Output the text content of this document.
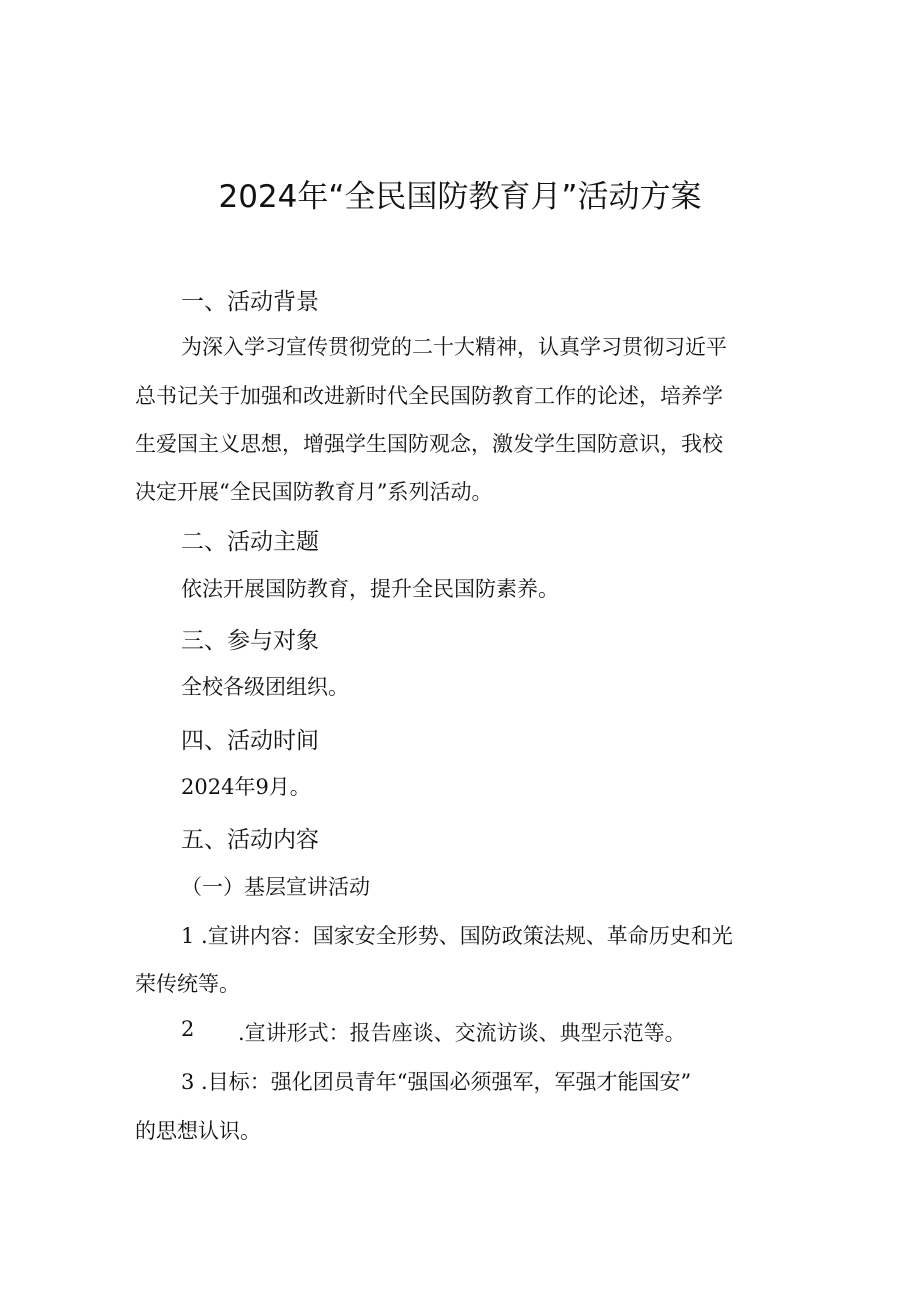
2024年“全民国防教育月”活动方案
一、活动背景
为深入学习宣传贯彻党的二十大精神，认真学习贯彻习近平
总书记关于加强和改进新时代全民国防教育工作的论述，培养学
生爱国主义思想，增强学生国防观念，激发学生国防意识，我校
决定开展“全民国防教育月”系列活动。
二、活动主题
依法开展国防教育，提升全民国防素养。
三、参与对象
全校各级团组织。
四、活动时间
2024年9月。
五、活动内容
（一）基层宣讲活动
1 .宣讲内容：国家安全形势、国防政策法规、革命历史和光
荣传统等。
2 .宣讲形式：报告座谈、交流访谈、典型示范等。
3 .目标：强化团员青年“强国必须强军，军强才能国安”
的思想认识。
